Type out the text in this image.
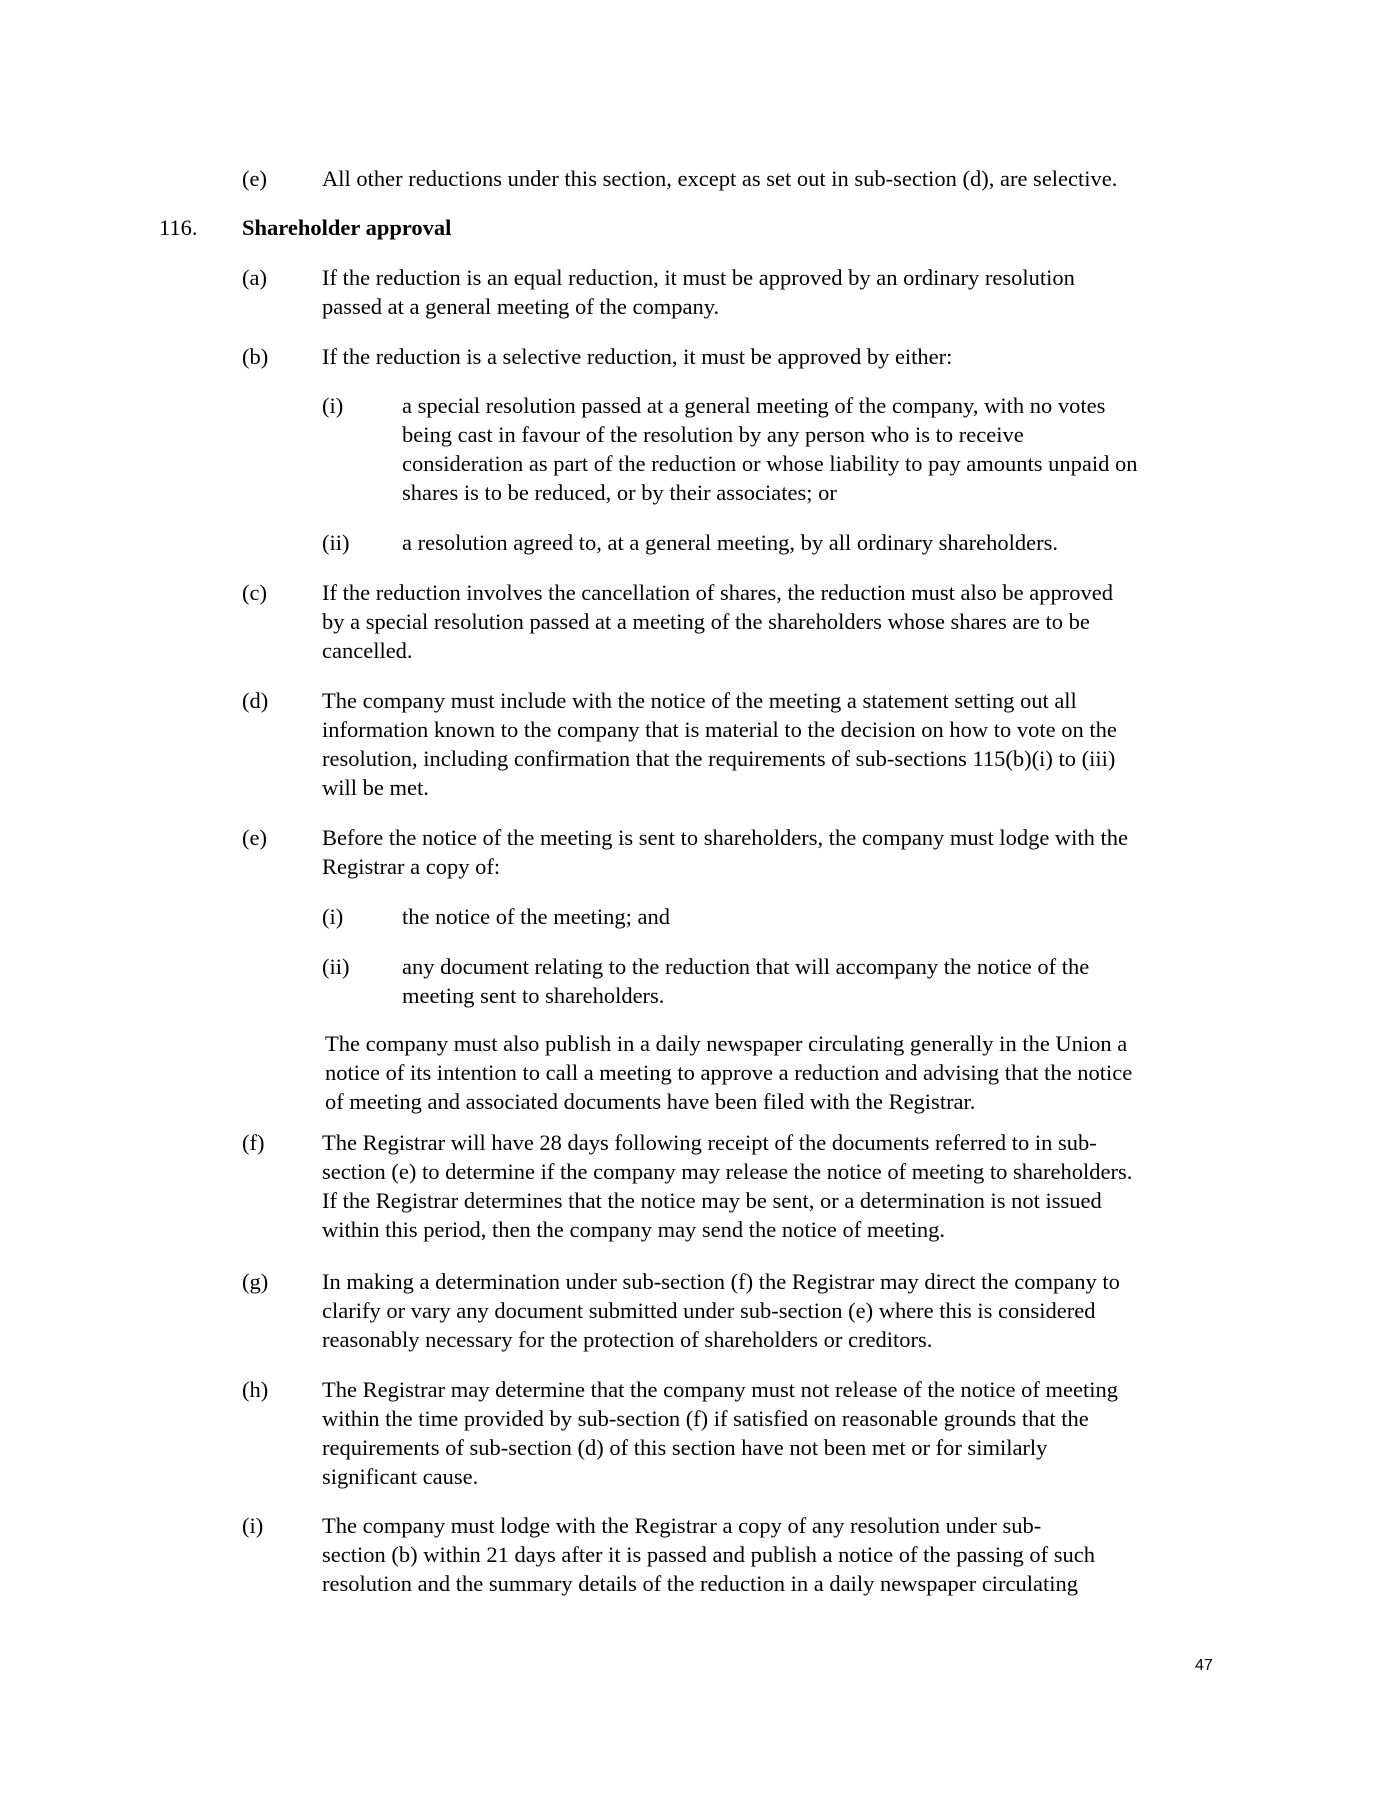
(e) All other reductions under this section, except as set out in sub-section (d), are selective.
116. Shareholder approval
(a) If the reduction is an equal reduction, it must be approved by an ordinary resolution
passed at a general meeting of the company.
(b) If the reduction is a selective reduction, it must be approved by either:
(i)	a special resolution passed at a general meeting of the company, with no votes
being cast in favour of the resolution by any person who is to receive
consideration as part of the reduction or whose liability to pay amounts unpaid on
shares is to be reduced, or by their associates; or
(ii) a resolution agreed to, at a general meeting, by all ordinary shareholders.
(c) If the reduction involves the cancellation of shares, the reduction must also be approved
by a special resolution passed at a meeting of the shareholders whose shares are to be
cancelled.
(d) The company must include with the notice of the meeting a statement setting out all
information known to the company that is material to the decision on how to vote on the
resolution, including confirmation that the requirements of sub-sections 115(b)(i) to (iii)
will be met.
(e) Before the notice of the meeting is sent to shareholders, the company must lodge with the
Registrar a copy of:
(i)	the notice of the meeting; and
(ii) any document relating to the reduction that will accompany the notice of the
meeting sent to shareholders.
The company must also publish in a daily newspaper circulating generally in the Union a
notice of its intention to call a meeting to approve a reduction and advising that the notice
of meeting and associated documents have been filed with the Registrar.
(f)	The Registrar will have 28 days following receipt of the documents referred to in sub-
section (e) to determine if the company may release the notice of meeting to shareholders.
If the Registrar determines that the notice may be sent, or a determination is not issued
within this period, then the company may send the notice of meeting.
(g) In making a determination under sub-section (f) the Registrar may direct the company to
clarify or vary any document submitted under sub-section (e) where this is considered
reasonably necessary for the protection of shareholders or creditors.
(h) The Registrar may determine that the company must not release of the notice of meeting
within the time provided by sub-section (f) if satisfied on reasonable grounds that the
requirements of sub-section (d) of this section have not been met or for similarly
significant cause.
(i)	The company must lodge with the Registrar a copy of any resolution under sub-
section (b) within 21 days after it is passed and publish a notice of the passing of such
resolution and the summary details of the reduction in a daily newspaper circulating
47
